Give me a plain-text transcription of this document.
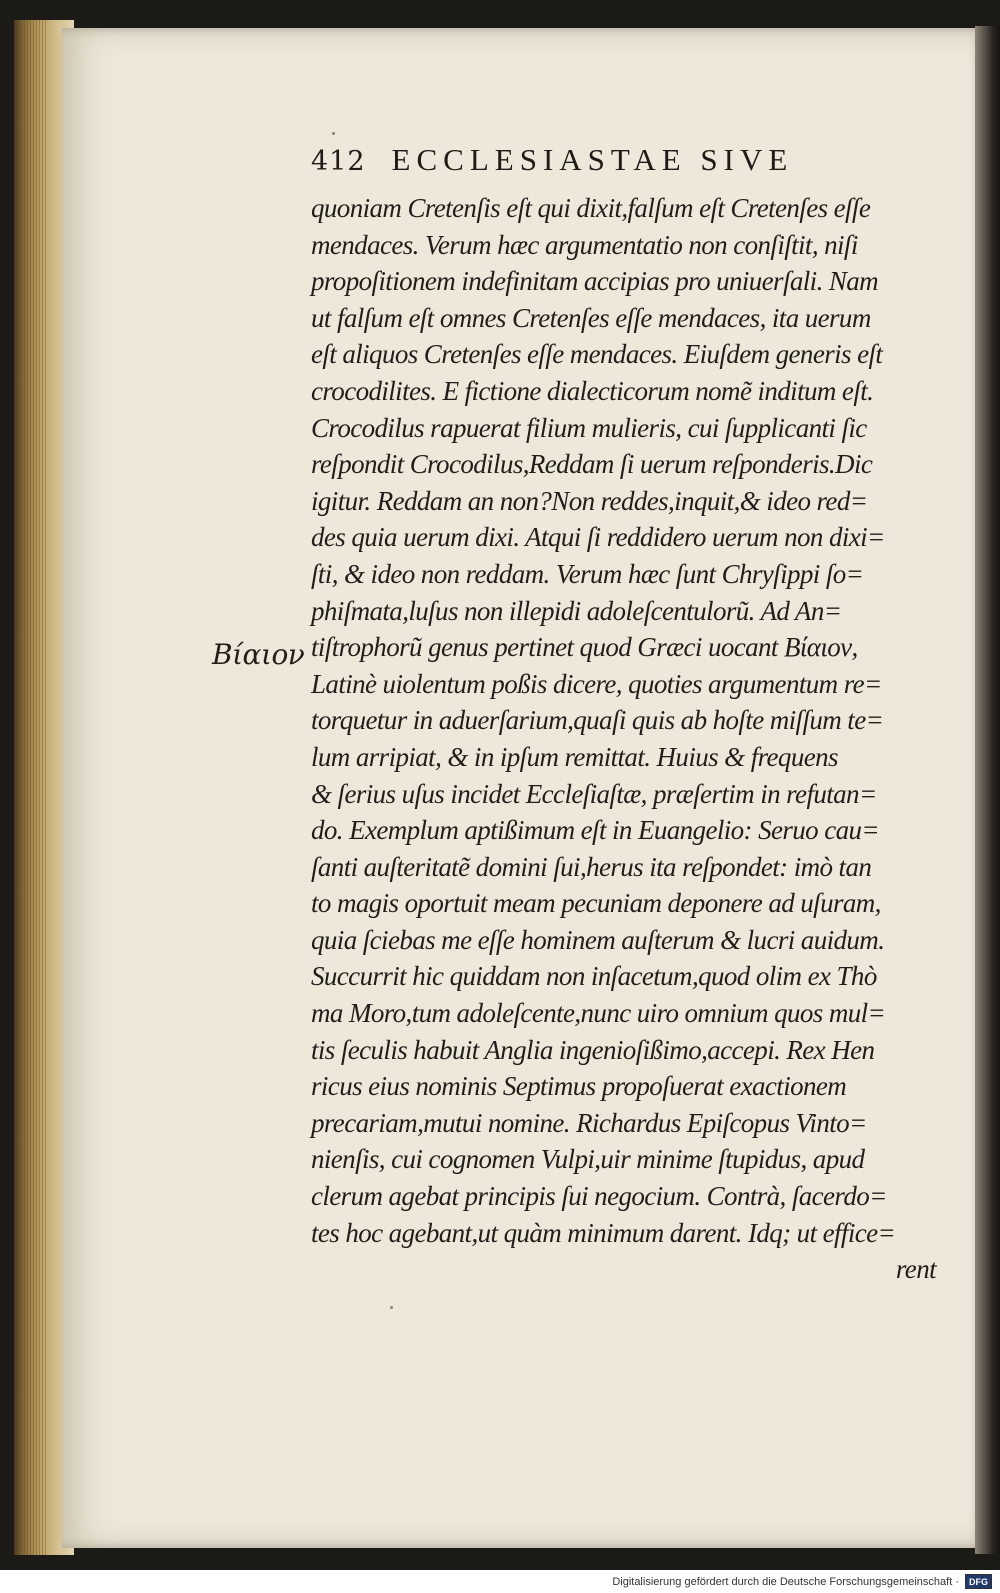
412 ECCLESIASTAE SIVE
Βίαιον
quoniam Cretenſis eſt qui dixit,falſum eſt Cretenſes eſſe
mendaces. Verum hæc argumentatio non conſiſtit, niſi
propoſitionem indefinitam accipias pro uniuerſali. Nam
ut falſum eſt omnes Cretenſes eſſe mendaces, ita uerum
eſt aliquos Cretenſes eſſe mendaces. Eiuſdem generis eſt
crocodilites. E fictione dialecticorum nomẽ inditum eſt.
Crocodilus rapuerat filium mulieris, cui ſupplicanti ſic
reſpondit Crocodilus,Reddam ſi uerum reſponderis.Dic
igitur. Reddam an non?Non reddes,inquit,& ideo red=
des quia uerum dixi. Atqui ſi reddidero uerum non dixi=
ſti, & ideo non reddam. Verum hæc ſunt Chryſippi ſo=
phiſmata,luſus non illepidi adoleſcentulorũ. Ad An=
tiſtrophorũ genus pertinet quod Græci uocant Βίαιον,
Latinè uiolentum poßis dicere, quoties argumentum re=
torquetur in aduerſarium,quaſi quis ab hoſte miſſum te=
lum arripiat, & in ipſum remittat. Huius & frequens
& ſerius uſus incidet Eccleſiaſtæ, præſertim in refutan=
do. Exemplum aptißimum eſt in Euangelio: Seruo cau=
ſanti auſteritatẽ domini ſui,herus ita reſpondet: imò tan
to magis oportuit meam pecuniam deponere ad uſuram,
quia ſciebas me eſſe hominem auſterum & lucri auidum.
Succurrit hic quiddam non inſacetum,quod olim ex Thò
ma Moro,tum adoleſcente,nunc uiro omnium quos mul=
tis ſeculis habuit Anglia ingenioſißimo,accepi. Rex Hen
ricus eius nominis Septimus propoſuerat exactionem
precariam,mutui nomine. Richardus Epiſcopus Vinto=
nienſis, cui cognomen Vulpi,uir minime ſtupidus, apud
clerum agebat principis ſui negocium. Contrà, ſacerdo=
tes hoc agebant,ut quàm minimum darent. Idq; ut effice=
rent
Digitalisierung gefördert durch die Deutsche Forschungsgemeinschaft ·	DFG
